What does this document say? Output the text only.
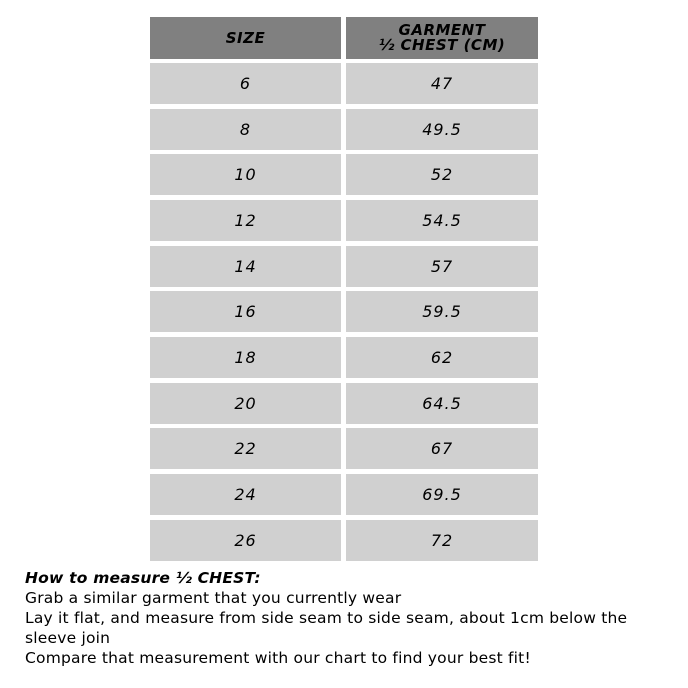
SIZE	GARMENT
½ CHEST (CM)
6	47
8	49.5
10	52
12	54.5
14	57
16	59.5
18	62
20	64.5
22	67
24	69.5
26	72

How to measure ½ CHEST:

Grab a similar garment that you currently wear

Lay it flat, and measure from side seam to side seam, about 1cm below the sleeve join

Compare that measurement with our chart to find your best fit!
